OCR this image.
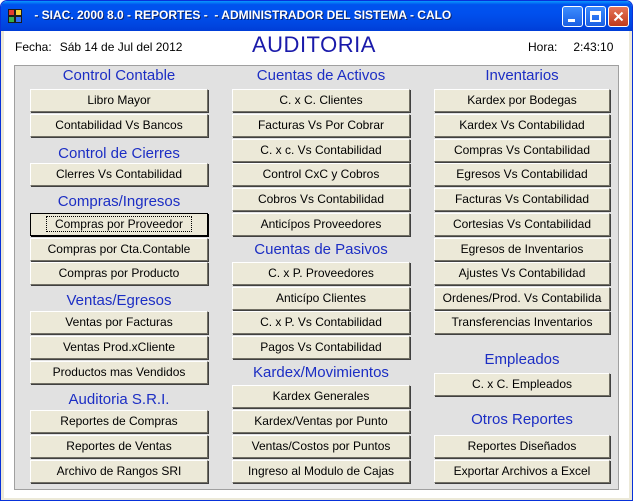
- SIAC. 2000 8.0 - REPORTES -  - ADMINISTRADOR DEL SISTEMA - CALO
Fecha: Sáb 14 de Jul del 2012	AUDITORIA	Hora: 2:43:10
Control Contable
Libro Mayor
Contabilidad Vs Bancos
Control de Cierres
Clerres Vs Contabilidad
Compras/Ingresos
Compras por Proveedor
Compras por Cta.Contable
Compras por Producto
Ventas/Egresos
Ventas por Facturas
Ventas Prod.xCliente
Productos mas Vendidos
Auditoria S.R.I.
Reportes de Compras
Reportes de Ventas
Archivo de Rangos SRI
Cuentas de Activos
C. x C. Clientes
Facturas Vs Por Cobrar
C. x c. Vs Contabilidad
Control CxC y Cobros
Cobros Vs Contabilidad
Anticípos Proveedores
Cuentas de Pasivos
C. x P. Proveedores
Anticípo Clientes
C. x P. Vs Contabilidad
Pagos Vs Contabilidad
Kardex/Movimientos
Kardex Generales
Kardex/Ventas por Punto
Ventas/Costos por Puntos
Ingreso al Modulo de Cajas
Inventarios
Kardex por Bodegas
Kardex Vs Contabilidad
Compras Vs Contabilidad
Egresos Vs Contabilidad
Facturas Vs Contabilidad
Cortesias Vs Contabilidad
Egresos de Inventarios
Ajustes Vs Contabilidad
Ordenes/Prod. Vs Contabilida
Transferencias Inventarios
Empleados
C. x C. Empleados
Otros Reportes
Reportes Diseñados
Exportar Archivos a Excel
